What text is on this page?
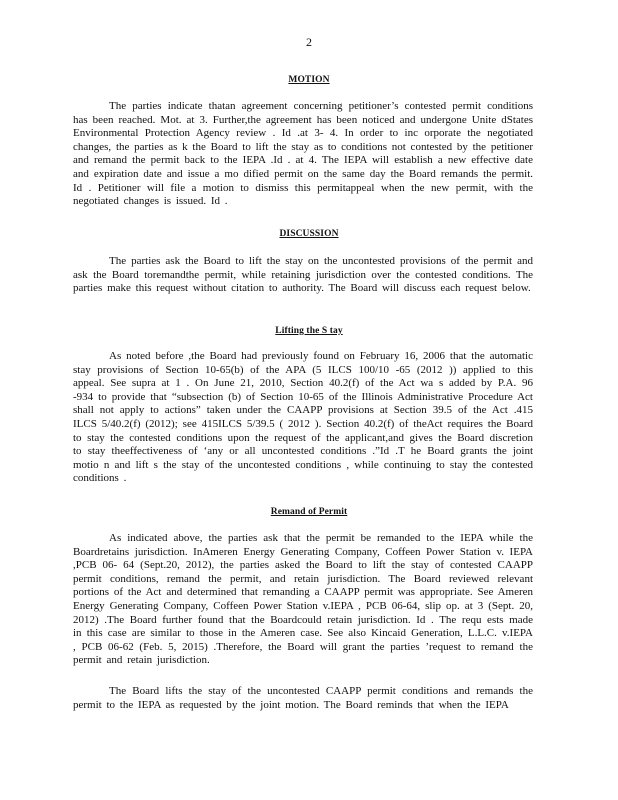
2
MOTION
The parties indicate thatan agreement concerning petitioner’s contested permit conditions has been reached. Mot. at 3. Further,the agreement has been noticed and undergone Unite dStates Environmental Protection Agency review . Id .at 3- 4. In order to inc orporate the negotiated changes, the parties as k the Board to lift the stay as to conditions not contested by the petitioner and remand the permit back to the IEPA .Id . at 4. The IEPA will establish a new effective date and expiration date and issue a mo dified permit on the same day the Board remands the permit. Id . Petitioner will file a motion to dismiss this permitappeal when the new permit, with the negotiated changes is issued. Id .
DISCUSSION
The parties ask the Board to lift the stay on the uncontested provisions of the permit and ask the Board toremandthe permit, while retaining jurisdiction over the contested conditions. The parties make this request without citation to authority. The Board will discuss each request below.
Lifting the S tay
As noted before ,the Board had previously found on February 16, 2006 that the automatic stay provisions of Section 10-65(b) of the APA (5 ILCS 100/10 -65 (2012 )) applied to this appeal. See supra at 1 . On June 21, 2010, Section 40.2(f) of the Act wa s added by P.A. 96 -934 to provide that “subsection (b) of Section 10-65 of the Illinois Administrative Procedure Act shall not apply to actions” taken under the CAAPP provisions at Section 39.5 of the Act .415 ILCS 5/40.2(f) (2012); see 415ILCS 5/39.5 ( 2012 ). Section 40.2(f) of theAct requires the Board to stay the contested conditions upon the request of the applicant,and gives the Board discretion to stay theeffectiveness of ‘any or all uncontested conditions .”Id .T he Board grants the joint motio n and lift s the stay of the uncontested conditions , while continuing to stay the contested conditions .
Remand of Permit
As indicated above, the parties ask that the permit be remanded to the IEPA while the Boardretains jurisdiction. InAmeren Energy Generating Company, Coffeen Power Station v. IEPA ,PCB 06- 64 (Sept.20, 2012), the parties asked the Board to lift the stay of contested CAAPP permit conditions, remand the permit, and retain jurisdiction. The Board reviewed relevant portions of the Act and determined that remanding a CAAPP permit was appropriate. See Ameren Energy Generating Company, Coffeen Power Station v.IEPA , PCB 06-64, slip op. at 3 (Sept. 20, 2012) .The Board further found that the Boardcould retain jurisdiction. Id . The requ ests made in this case are similar to those in the Ameren case. See also Kincaid Generation, L.L.C. v.IEPA , PCB 06-62 (Feb. 5, 2015) .Therefore, the Board will grant the parties ’request to remand the permit and retain jurisdiction.
The Board lifts the stay of the uncontested CAAPP permit conditions and remands the permit to the IEPA as requested by the joint motion. The Board reminds that when the IEPA
